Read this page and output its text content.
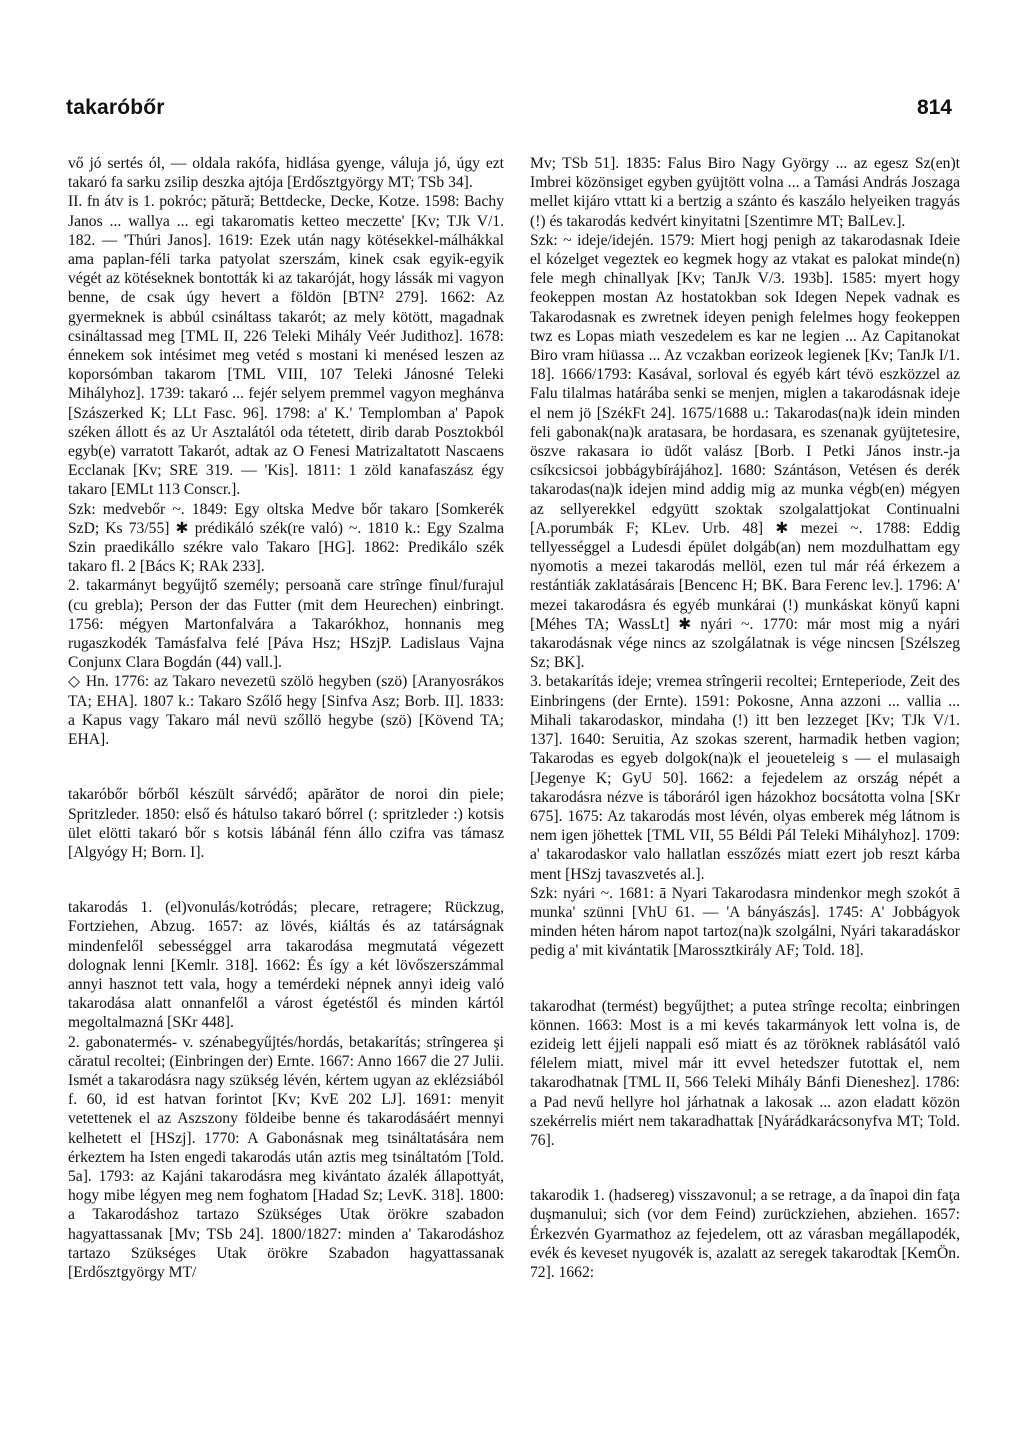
takaróbőr	814

vő jó sertés ól, — oldala rakófa, hidlása gyenge, váluja jó, úgy ezt takaró fa sarku zsilip deszka ajtója [Erdősztgyörgy MT; TSb 34].

II. fn átv is 1. pokróc; pătură; Bettdecke, Decke, Kotze. 1598: Bachy Janos ... wallya ... egi takaromatis ketteo meczette' [Kv; TJk V/1. 182. — 'Thúri Janos]. 1619: Ezek után nagy kötésekkel-málhákkal ama paplan-féli tarka patyolat szerszám, kinek csak egyik-egyik végét az kötéseknek bontották ki az takaróját, hogy lássák mi vagyon benne, de csak úgy hevert a földön [BTN² 279]. 1662: Az gyermeknek is abbúl csináltass takarót; az mely kötött, magadnak csináltassad meg [TML II, 226 Teleki Mihály Veér Judithoz]. 1678: énnekem sok intésimet meg vetéd s mostani ki menésed leszen az koporsómban takarom [TML VIII, 107 Teleki Jánosné Teleki Mihályhoz]. 1739: takaró ... fejér selyem premmel vagyon meghánva [Szászerked K; LLt Fasc. 96]. 1798: a' K.' Templomban a' Papok széken állott és az Ur Asztalától oda tétetett, dirib darab Posztokból egyb(e) varratott Takarót, adtak az O Fenesi Matrizaltatott Nascaens Ecclanak [Kv; SRE 319. — 'Kis]. 1811: 1 zöld kanafaszász égy takaro [EMLt 113 Conscr.].

Szk: medvebőr ~. 1849: Egy oltska Medve bőr takaro [Somkerék SzD; Ks 73/55] ✱ prédikáló szék(re való) ~. 1810 k.: Egy Szalma Szin praedikállo székre valo Takaro [HG]. 1862: Predikálo szék takaro fl. 2 [Bács K; RAk 233].

2. takarmányt begyűjtő személy; persoană care strînge fînul/furajul (cu grebla); Person der das Futter (mit dem Heurechen) einbringt. 1756: mégyen Martonfalvára a Takarókhoz, honnanis meg rugaszkodék Tamásfalva felé [Páva Hsz; HSzjP. Ladislaus Vajna Conjunx Clara Bogdán (44) vall.].

◇ Hn. 1776: az Takaro nevezetü szölö hegyben (szö) [Aranyosrákos TA; EHA]. 1807 k.: Takaro Szőlő hegy [Sinfva Asz; Borb. II]. 1833: a Kapus vagy Takaro mál nevü szőllö hegybe (szö) [Kövend TA; EHA].

takaróbőr bőrből készült sárvédő; apărător de noroi din piele; Spritzleder. 1850: első és hátulso takaró bőrrel (: spritzleder :) kotsis ület elötti takaró bőr s kotsis lábánál fénn állo czifra vas támasz [Algyógy H; Born. I].

takarodás 1. (el)vonulás/kotródás; plecare, retragere; Rückzug, Fortziehen, Abzug. 1657: az lövés, kiáltás és az tatárságnak mindenfelől sebességgel arra takarodása megmutatá végezett dolognak lenni [Kemlr. 318]. 1662: És így a két lövőszerszámmal annyi hasznot tett vala, hogy a temérdeki népnek annyi ideig való takarodása alatt onnanfelől a várost égetéstől és minden kártól megoltalmazná [SKr 448].

2. gabonatermés- v. szénabegyűjtés/hordás, betakarítás; strîngerea şi căratul recoltei; (Einbringen der) Ernte. 1667: Anno 1667 die 27 Julii. Ismét a takarodásra nagy szükség lévén, kértem ugyan az eklézsiából f. 60, id est hatvan forintot [Kv; KvE 202 LJ]. 1691: menyit vetettenek el az Aszszony földeibe benne és takarodásáért mennyi kelhetett el [HSzj]. 1770: A Gabonásnak meg tsináltatására nem érkeztem ha Isten engedi takarodás után aztis meg tsináltatóm [Told. 5a]. 1793: az Kajáni takarodásra meg kivántato ázalék állapottyát, hogy mibe légyen meg nem foghatom [Hadad Sz; LevK. 318]. 1800: a Takarodáshoz tartazo Szükséges Utak örökre szabadon hagyattassanak [Mv; TSb 24]. 1800/1827: minden a' Takarodáshoz tartazo Szükséges Utak örökre Szabadon hagyattassanak [Erdősztgyörgy MT/

Mv; TSb 51]. 1835: Falus Biro Nagy György ... az egesz Sz(en)t Imbrei közönsiget egyben gyüjtött volna ... a Tamási András Joszaga mellet kijáro vttatt ki a bertzig a szánto és kaszálo helyeiken tragyás (!) és takarodás kedvért kinyitatni [Szentimre MT; BalLev.].

Szk: ~ ideje/idején. 1579: Miert hogj penigh az takarodasnak Ideie el kózelget vegeztek eo kegmek hogy az vtakat es palokat minde(n) fele megh chinallyak [Kv; TanJk V/3. 193b]. 1585: myert hogy feokeppen mostan Az hostatokban sok Idegen Nepek vadnak es Takarodasnak es zwretnek ideyen penigh felelmes hogy feokeppen twz es Lopas miath veszedelem es kar ne legien ... Az Capitanokat Biro vram hiüassa ... Az vczakban eorizeok legienek [Kv; TanJk I/1. 18]. 1666/1793: Kasával, sorloval és egyéb kárt tévö eszközzel az Falu tilalmas határába senki se menjen, miglen a takarodásnak ideje el nem jö [SzékFt 24]. 1675/1688 u.: Takarodas(na)k idein minden feli gabonak(na)k aratasara, be hordasara, es szenanak gyüjtetesire, öszve rakasara io üdőt valász [Borb. I Petki János instr.-ja csíkcsicsoi jobbágybírájához]. 1680: Szántáson, Vetésen és derék takarodas(na)k idejen mind addig mig az munka végb(en) mégyen az sellyerekkel edgyütt szoktak szolgalattjokat Continualni [A.porumbák F; KLev. Urb. 48] ✱ mezei ~. 1788: Eddig tellyességgel a Ludesdi épület dolgáb(an) nem mozdulhattam egy nyomotis a mezei takarodás mellöl, ezen tul már réá érkezem a restántiák zaklatásárais [Bencenc H; BK. Bara Ferenc lev.]. 1796: A' mezei takarodásra és egyéb munkárai (!) munkáskat könyű kapni [Méhes TA; WassLt] ✱ nyári ~. 1770: már most mig a nyári takarodásnak vége nincs az szolgálatnak is vége nincsen [Szélszeg Sz; BK].

3. betakarítás ideje; vremea strîngerii recoltei; Ernteperiode, Zeit des Einbringens (der Ernte). 1591: Pokosne, Anna azzoni ... vallia ... Mihali takarodaskor, mindaha (!) itt ben lezzeget [Kv; TJk V/1. 137]. 1640: Seruitia, Az szokas szerent, harmadik hetben vagion; Takarodas es egyeb dolgok(na)k el jeoueteleig s — el mulasaigh [Jegenye K; GyU 50]. 1662: a fejedelem az ország népét a takarodásra nézve is táboráról igen házokhoz bocsátotta volna [SKr 675]. 1675: Az takarodás most lévén, olyas emberek még látnom is nem igen jöhettek [TML VII, 55 Béldi Pál Teleki Mihályhoz]. 1709: a' takarodaskor valo hallatlan esszőzés miatt ezert job reszt kárba ment [HSzj tavaszvetés al.].

Szk: nyári ~. 1681: ā Nyari Takarodasra mindenkor megh szokót ā munka' szünni [VhU 61. — 'A bányászás]. 1745: A' Jobbágyok minden héten három napot tartoz(na)k szolgálni, Nyári takaradáskor pedig a' mit kivántatik [Marossztkirály AF; Told. 18].

takarodhat (termést) begyűjthet; a putea strînge recolta; einbringen können. 1663: Most is a mi kevés takarmányok lett volna is, de ezideig lett éjjeli nappali eső miatt és az töröknek rablásától való félelem miatt, mivel már itt evvel hetedszer futottak el, nem takarodhatnak [TML II, 566 Teleki Mihály Bánfi Dieneshez]. 1786: a Pad nevű hellyre hol járhatnak a lakosak ... azon eladatt közön szekérrelis miért nem takaradhattak [Nyárádkarácsonyfva MT; Told. 76].

takarodik 1. (hadsereg) visszavonul; a se retrage, a da înapoi din faţa duşmanului; sich (vor dem Feind) zurückziehen, abziehen. 1657: Érkezvén Gyarmathoz az fejedelem, ott az várasban megállapodék, evék és keveset nyugovék is, azalatt az seregek takarodtak [KemÖn. 72]. 1662:
